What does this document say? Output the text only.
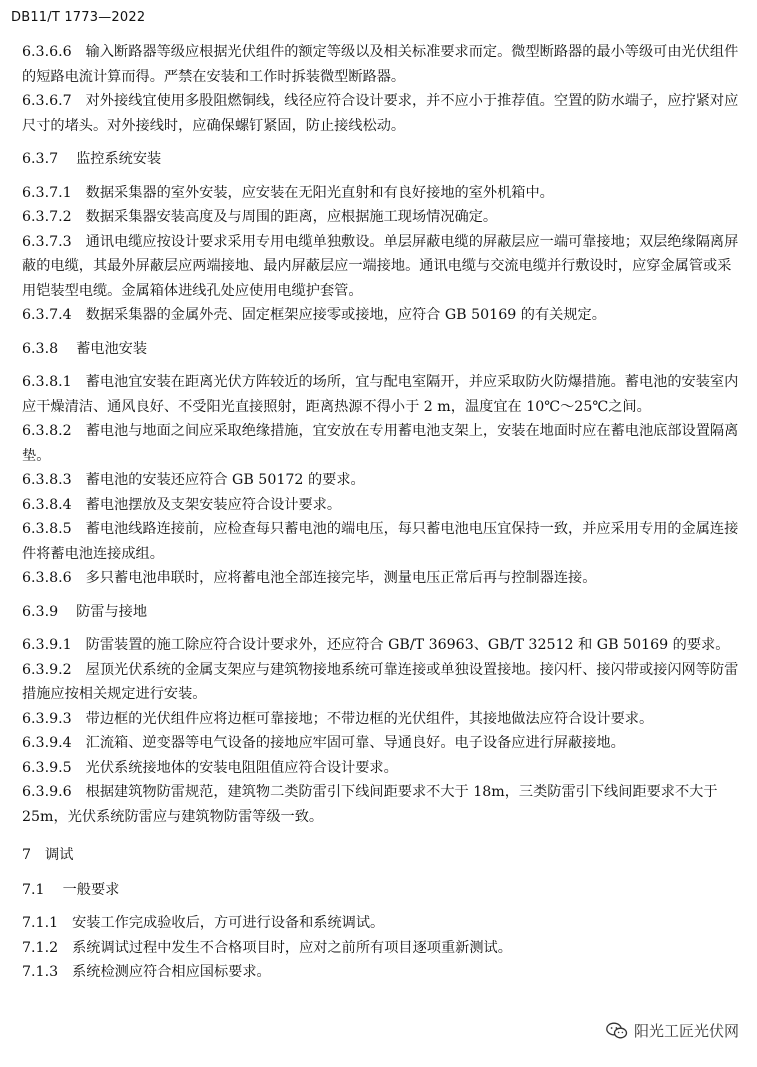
DB11/T 1773—2022
6.3.6.6 输入断路器等级应根据光伏组件的额定等级以及相关标准要求而定。微型断路器的最小等级可由光伏组件的短路电流计算而得。严禁在安装和工作时拆装微型断路器。
6.3.6.7 对外接线宜使用多股阻燃铜线，线径应符合设计要求，并不应小于推荐值。空置的防水端子，应拧紧对应尺寸的堵头。对外接线时，应确保螺钉紧固，防止接线松动。
6.3.7 监控系统安装
6.3.7.1 数据采集器的室外安装，应安装在无阳光直射和有良好接地的室外机箱中。
6.3.7.2 数据采集器安装高度及与周围的距离，应根据施工现场情况确定。
6.3.7.3 通讯电缆应按设计要求采用专用电缆单独敷设。单层屏蔽电缆的屏蔽层应一端可靠接地；双层绝缘隔离屏蔽的电缆，其最外屏蔽层应两端接地、最内屏蔽层应一端接地。通讯电缆与交流电缆并行敷设时，应穿金属管或采用铠装型电缆。金属箱体进线孔处应使用电缆护套管。
6.3.7.4 数据采集器的金属外壳、固定框架应接零或接地，应符合 GB 50169 的有关规定。
6.3.8 蓄电池安装
6.3.8.1 蓄电池宜安装在距离光伏方阵较近的场所，宜与配电室隔开，并应采取防火防爆措施。蓄电池的安装室内应干燥清洁、通风良好、不受阳光直接照射，距离热源不得小于 2 m，温度宜在 10℃～25℃之间。
6.3.8.2 蓄电池与地面之间应采取绝缘措施，宜安放在专用蓄电池支架上，安装在地面时应在蓄电池底部设置隔离垫。
6.3.8.3 蓄电池的安装还应符合 GB 50172 的要求。
6.3.8.4 蓄电池摆放及支架安装应符合设计要求。
6.3.8.5 蓄电池线路连接前，应检查每只蓄电池的端电压，每只蓄电池电压宜保持一致，并应采用专用的金属连接件将蓄电池连接成组。
6.3.8.6 多只蓄电池串联时，应将蓄电池全部连接完毕，测量电压正常后再与控制器连接。
6.3.9 防雷与接地
6.3.9.1 防雷装置的施工除应符合设计要求外，还应符合 GB/T 36963、GB/T 32512 和 GB 50169 的要求。
6.3.9.2 屋顶光伏系统的金属支架应与建筑物接地系统可靠连接或单独设置接地。接闪杆、接闪带或接闪网等防雷措施应按相关规定进行安装。
6.3.9.3 带边框的光伏组件应将边框可靠接地；不带边框的光伏组件，其接地做法应符合设计要求。
6.3.9.4 汇流箱、逆变器等电气设备的接地应牢固可靠、导通良好。电子设备应进行屏蔽接地。
6.3.9.5 光伏系统接地体的安装电阻阻值应符合设计要求。
6.3.9.6 根据建筑物防雷规范，建筑物二类防雷引下线间距要求不大于 18m，三类防雷引下线间距要求不大于 25m，光伏系统防雷应与建筑物防雷等级一致。
7 调试
7.1 一般要求
7.1.1 安装工作完成验收后，方可进行设备和系统调试。
7.1.2 系统调试过程中发生不合格项目时，应对之前所有项目逐项重新测试。
7.1.3 系统检测应符合相应国标要求。
阳光工匠光伏网
